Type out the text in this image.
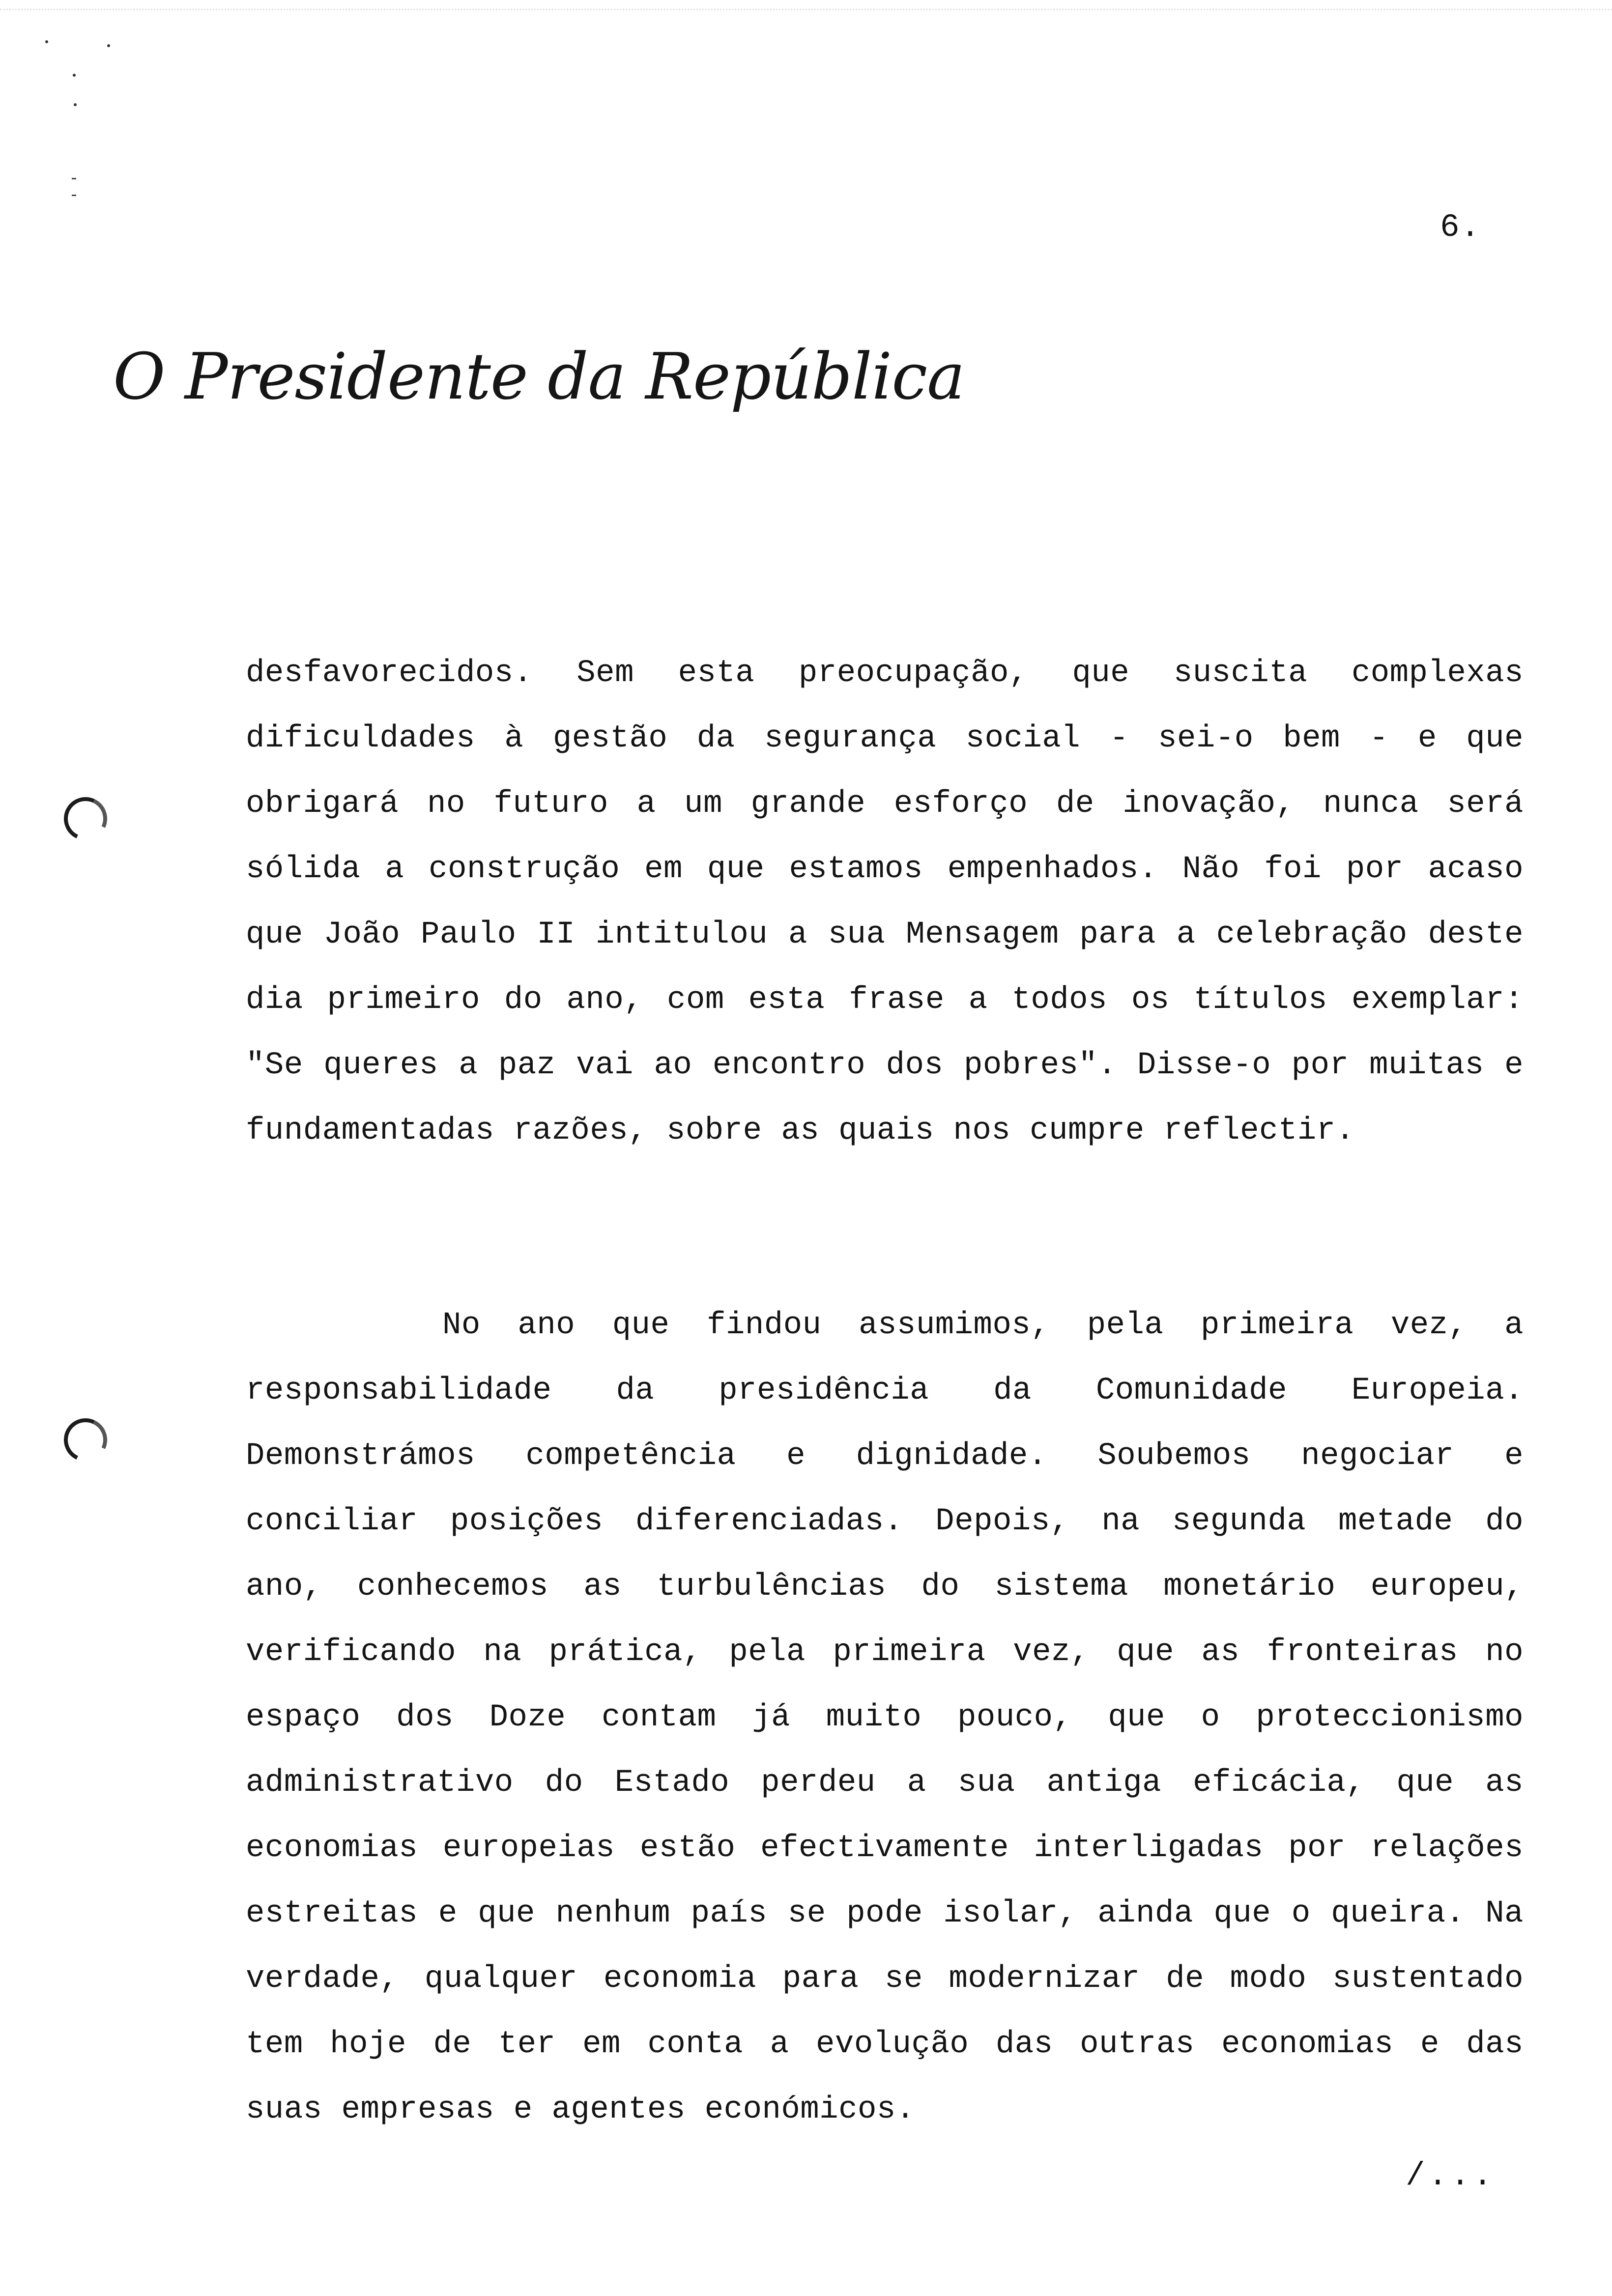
6.
O Presidente da República

desfavorecidos. Sem esta preocupação, que suscita complexas dificuldades à gestão da segurança social - sei-o bem - e que obrigará no futuro a um grande esforço de inovação, nunca será sólida a construção em que estamos empenhados. Não foi por acaso que João Paulo II intitulou a sua Mensagem para a celebração deste dia primeiro do ano, com esta frase a todos os títulos exemplar: "Se queres a paz vai ao encontro dos pobres". Disse-o por muitas e fundamentadas razões, sobre as quais nos cumpre reflectir.

No ano que findou assumimos, pela primeira vez, a responsabilidade da presidência da Comunidade Europeia. Demonstrámos competência e dignidade. Soubemos negociar e conciliar posições diferenciadas. Depois, na segunda metade do ano, conhecemos as turbulências do sistema monetário europeu, verificando na prática, pela primeira vez, que as fronteiras no espaço dos Doze contam já muito pouco, que o proteccionismo administrativo do Estado perdeu a sua antiga eficácia, que as economias europeias estão efectivamente interligadas por relações estreitas e que nenhum país se pode isolar, ainda que o queira. Na verdade, qualquer economia para se modernizar de modo sustentado tem hoje de ter em conta a evolução das outras economias e das suas empresas e agentes económicos.

/...
